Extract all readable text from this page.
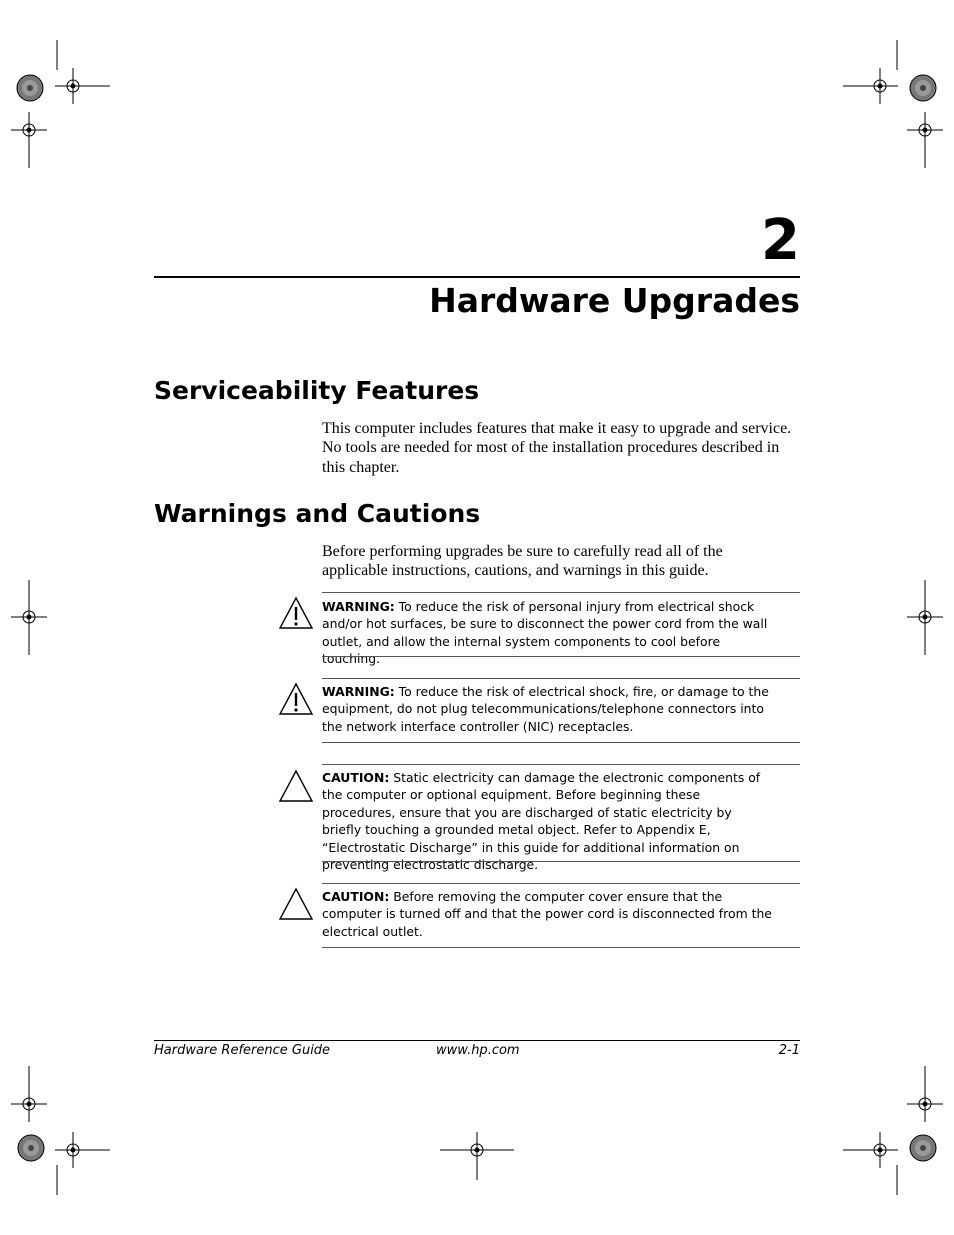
2
Hardware Upgrades
Serviceability Features
This computer includes features that make it easy to upgrade and service. No tools are needed for most of the installation procedures described in this chapter.
Warnings and Cautions
Before performing upgrades be sure to carefully read all of the applicable instructions, cautions, and warnings in this guide.
WARNING: To reduce the risk of personal injury from electrical shock and/or hot surfaces, be sure to disconnect the power cord from the wall outlet, and allow the internal system components to cool before touching.
WARNING: To reduce the risk of electrical shock, fire, or damage to the equipment, do not plug telecommunications/telephone connectors into the network interface controller (NIC) receptacles.
CAUTION: Static electricity can damage the electronic components of the computer or optional equipment. Before beginning these procedures, ensure that you are discharged of static electricity by briefly touching a grounded metal object. Refer to Appendix E, “Electrostatic Discharge” in this guide for additional information on preventing electrostatic discharge.
CAUTION: Before removing the computer cover ensure that the computer is turned off and that the power cord is disconnected from the electrical outlet.
Hardware Reference Guide	www.hp.com	2-1
